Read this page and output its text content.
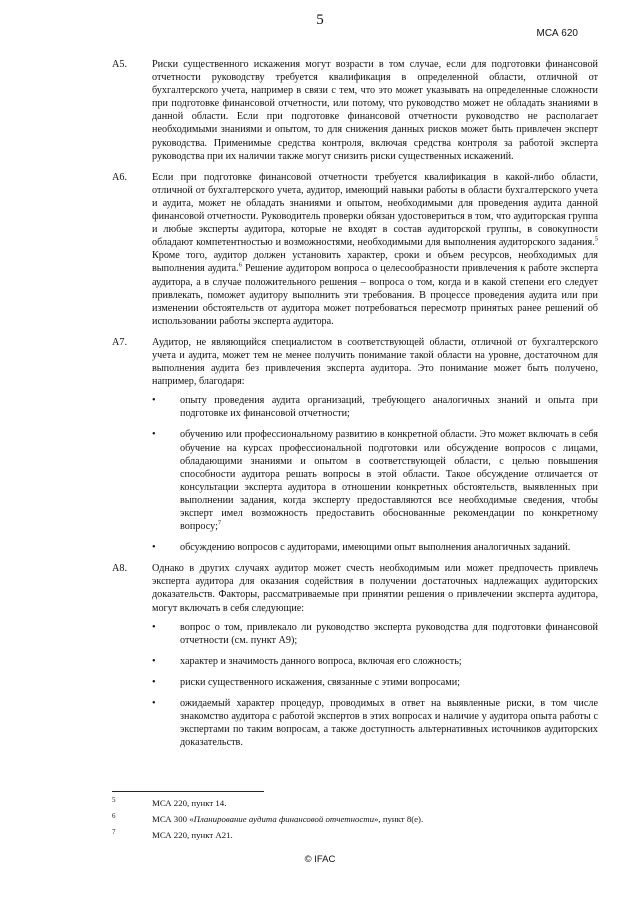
5
МСА 620
A5. Риски существенного искажения могут возрасти в том случае, если для подготовки финансовой отчетности руководству требуется квалификация в определенной области, отличной от бухгалтерского учета, например в связи с тем, что это может указывать на определенные сложности при подготовке финансовой отчетности, или потому, что руководство может не обладать знаниями в данной области. Если при подготовке финансовой отчетности руководство не располагает необходимыми знаниями и опытом, то для снижения данных рисков может быть привлечен эксперт руководства. Применимые средства контроля, включая средства контроля за работой эксперта руководства при их наличии также могут снизить риски существенных искажений.
A6. Если при подготовке финансовой отчетности требуется квалификация в какой-либо области, отличной от бухгалтерского учета, аудитор, имеющий навыки работы в области бухгалтерского учета и аудита, может не обладать знаниями и опытом, необходимыми для проведения аудита данной финансовой отчетности. Руководитель проверки обязан удостовериться в том, что аудиторская группа и любые эксперты аудитора, которые не входят в состав аудиторской группы, в совокупности обладают компетентностью и возможностями, необходимыми для выполнения аудиторского задания.$^5$ Кроме того, аудитор должен установить характер, сроки и объем ресурсов, необходимых для выполнения аудита.$^6$ Решение аудитором вопроса о целесообразности привлечения к работе эксперта аудитора, а в случае положительного решения – вопроса о том, когда и в какой степени его следует привлекать, поможет аудитору выполнить эти требования. В процессе проведения аудита или при изменении обстоятельств от аудитора может потребоваться пересмотр принятых ранее решений об использовании работы эксперта аудитора.
A7. Аудитор, не являющийся специалистом в соответствующей области, отличной от бухгалтерского учета и аудита, может тем не менее получить понимание такой области на уровне, достаточном для выполнения аудита без привлечения эксперта аудитора. Это понимание может быть получено, например, благодаря:
• опыту проведения аудита организаций, требующего аналогичных знаний и опыта при подготовке их финансовой отчетности;
• обучению или профессиональному развитию в конкретной области. Это может включать в себя обучение на курсах профессиональной подготовки или обсуждение вопросов с лицами, обладающими знаниями и опытом в соответствующей области, с целью повышения способности аудитора решать вопросы в этой области. Такое обсуждение отличается от консультации эксперта аудитора в отношении конкретных обстоятельств, выявленных при выполнении задания, когда эксперту предоставляются все необходимые сведения, чтобы эксперт имел возможность предоставить обоснованные рекомендации по конкретному вопросу;$^7$
• обсуждению вопросов с аудиторами, имеющими опыт выполнения аналогичных заданий.
A8. Однако в других случаях аудитор может счесть необходимым или может предпочесть привлечь эксперта аудитора для оказания содействия в получении достаточных надлежащих аудиторских доказательств. Факторы, рассматриваемые при принятии решения о привлечении эксперта аудитора, могут включать в себя следующие:
• вопрос о том, привлекало ли руководство эксперта руководства для подготовки финансовой отчетности (см. пункт А9);
• характер и значимость данного вопроса, включая его сложность;
• риски существенного искажения, связанные с этими вопросами;
• ожидаемый характер процедур, проводимых в ответ на выявленные риски, в том числе знакомство аудитора с работой экспертов в этих вопросах и наличие у аудитора опыта работы с экспертами по таким вопросам, а также доступность альтернативных источников аудиторских доказательств.
5	МСА 220, пункт 14.
6	МСА 300 «Планирование аудита финансовой отчетности», пункт 8(e).
7	МСА 220, пункт А21.
© IFAC
